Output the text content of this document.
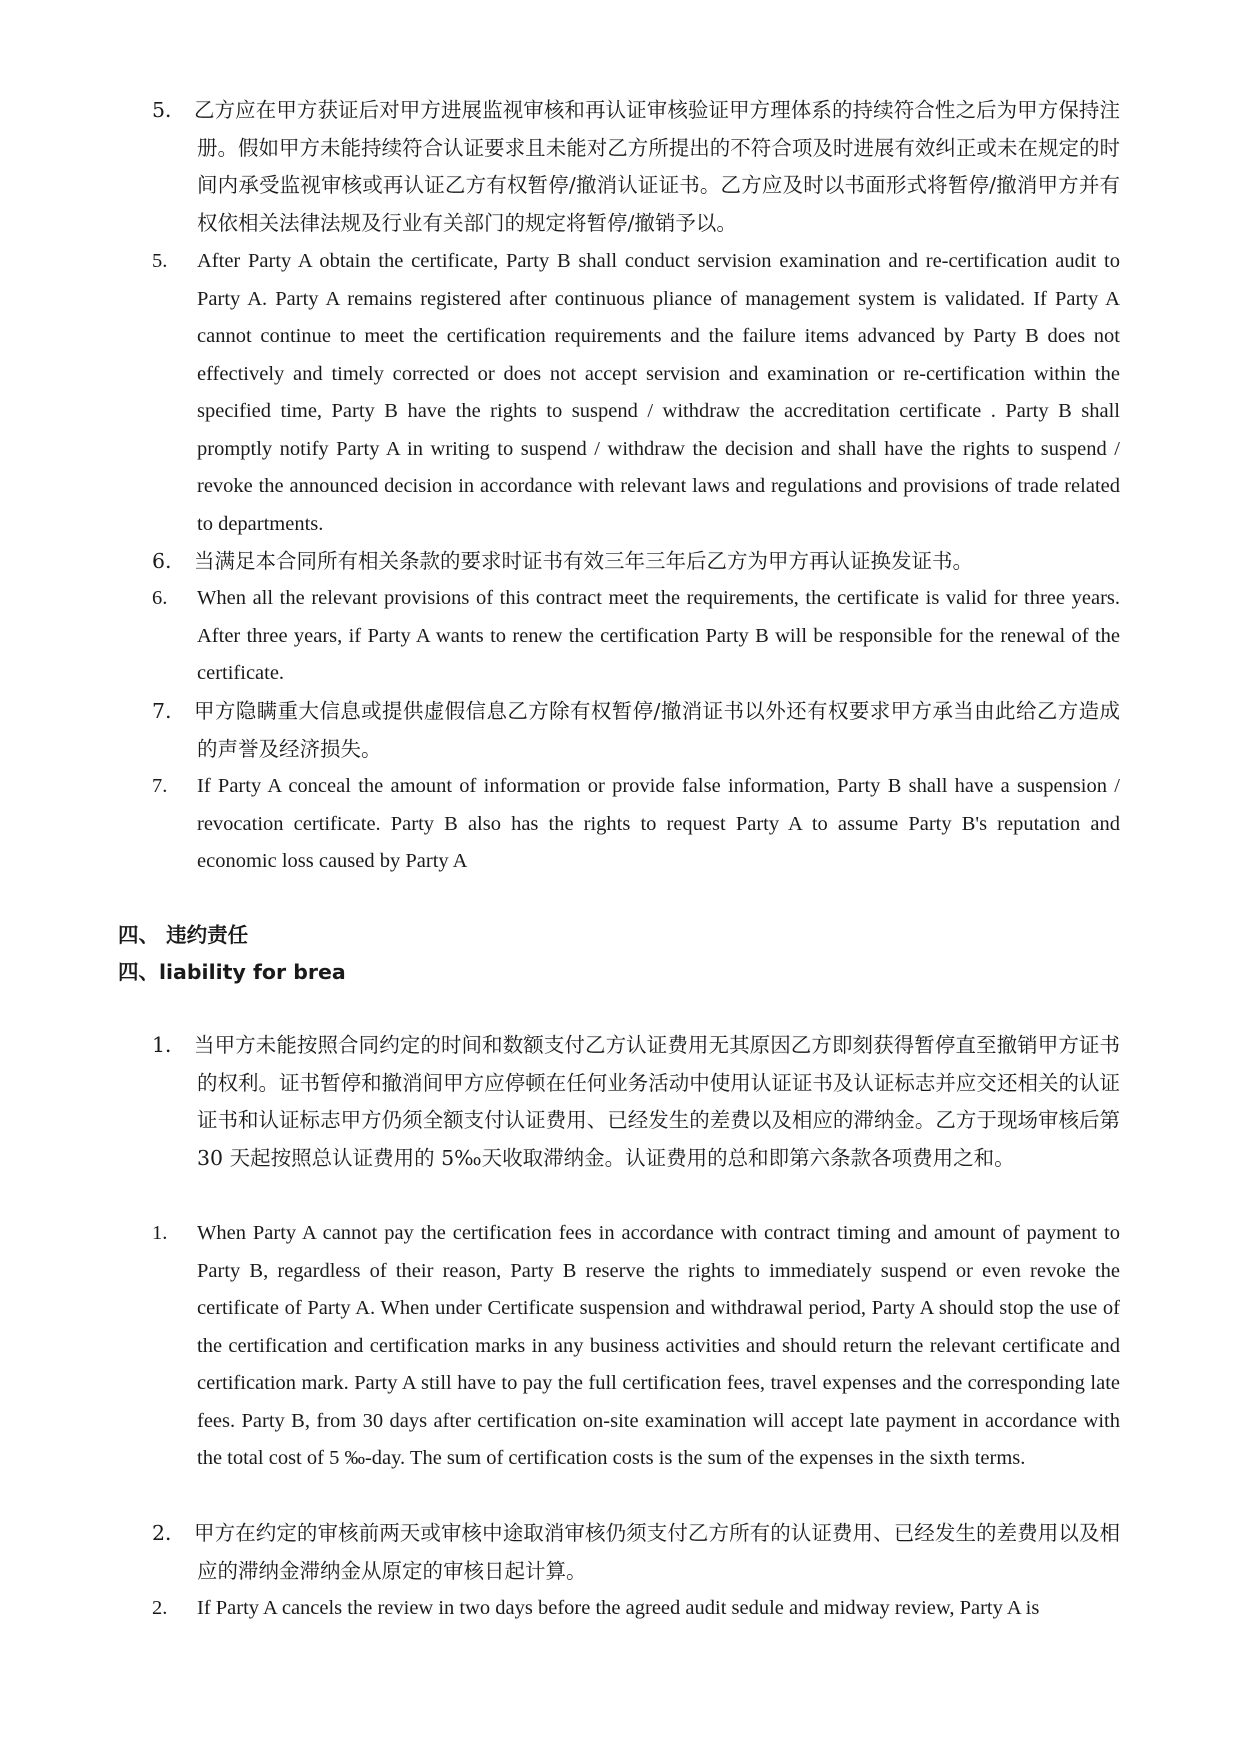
5． 乙方应在甲方获证后对甲方进展监视审核和再认证审核验证甲方理体系的持续符合性之后为甲方保持注册。假如甲方未能持续符合认证要求且未能对乙方所提出的不符合项及时进展有效纠正或未在规定的时间内承受监视审核或再认证乙方有权暂停/撤消认证证书。乙方应及时以书面形式将暂停/撤消甲方并有权依相关法律法规及行业有关部门的规定将暂停/撤销予以。
5. After Party A obtain the certificate, Party B shall conduct servision examination and re-certification audit to Party A. Party A remains registered after continuous pliance of management system is validated. If Party A cannot continue to meet the certification requirements and the failure items advanced by Party B does not effectively and timely corrected or does not accept servision and examination or re-certification within the specified time, Party B have the rights to suspend / withdraw the accreditation certificate . Party B shall promptly notify Party A in writing to suspend / withdraw the decision and shall have the rights to suspend / revoke the announced decision in accordance with relevant laws and regulations and provisions of trade related to departments.
6. 当满足本合同所有相关条款的要求时证书有效三年三年后乙方为甲方再认证换发证书。
6. When all the relevant provisions of this contract meet the requirements, the certificate is valid for three years. After three years, if Party A wants to renew the certification Party B will be responsible for the renewal of the certificate.
7. 甲方隐瞒重大信息或提供虚假信息乙方除有权暂停/撤消证书以外还有权要求甲方承当由此给乙方造成的声誉及经济损失。
7. If Party A conceal the amount of information or provide false information, Party B shall have a suspension / revocation certificate. Party B also has the rights to request Party A to assume Party B's reputation and economic loss caused by Party A

四、 违约责任

四、liability for brea

1． 当甲方未能按照合同约定的时间和数额支付乙方认证费用无其原因乙方即刻获得暂停直至撤销甲方证书的权利。证书暂停和撤消间甲方应停顿在任何业务活动中使用认证证书及认证标志并应交还相关的认证证书和认证标志甲方仍须全额支付认证费用、已经发生的差费以及相应的滞纳金。乙方于现场审核后第 30 天起按照总认证费用的 5‰天收取滞纳金。认证费用的总和即第六条款各项费用之和。
1. When Party A cannot pay the certification fees in accordance with contract timing and amount of payment to Party B, regardless of their reason, Party B reserve the rights to immediately suspend or even revoke the certificate of Party A. When under Certificate suspension and withdrawal period, Party A should stop the use of the certification and certification marks in any business activities and should return the relevant certificate and certification mark. Party A still have to pay the full certification fees, travel expenses and the corresponding late fees. Party B, from 30 days after certification on-site examination will accept late payment in accordance with the total cost of 5 ‰-day. The sum of certification costs is the sum of the expenses in the sixth terms.
2． 甲方在约定的审核前两天或审核中途取消审核仍须支付乙方所有的认证费用、已经发生的差费用以及相应的滞纳金滞纳金从原定的审核日起计算。
2. If Party A cancels the review in two days before the agreed audit sedule and midway review, Party A is
